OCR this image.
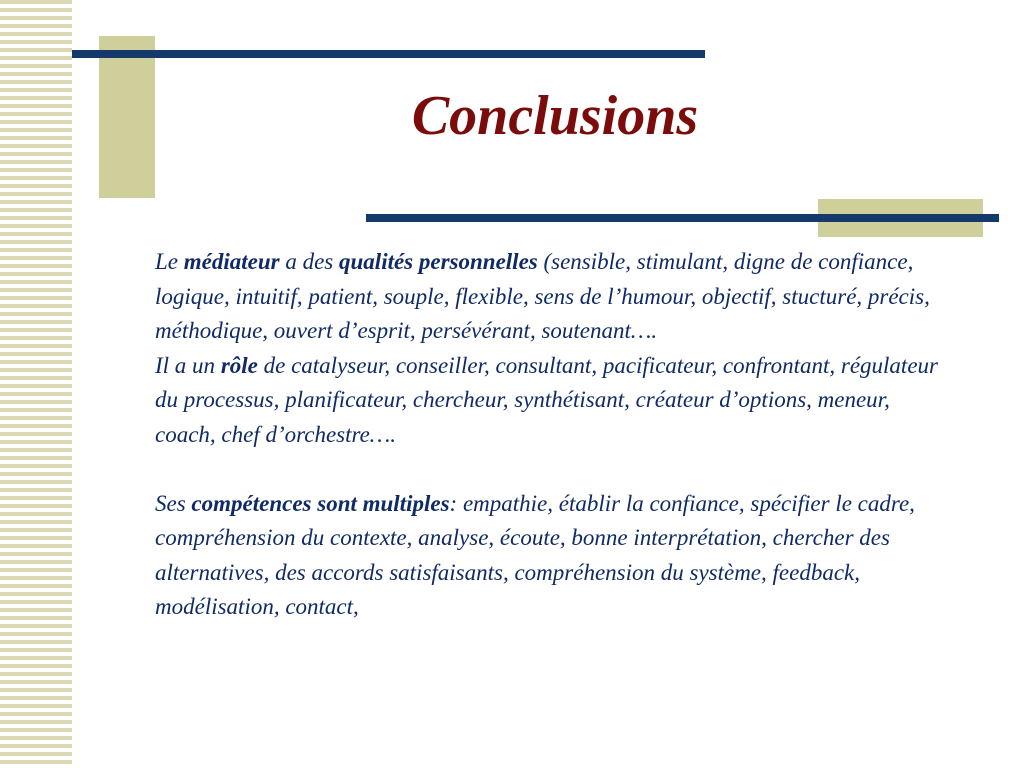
Conclusions

Le médiateur a des qualités personnelles (sensible, stimulant, digne de confiance, logique, intuitif, patient, souple, flexible, sens de l’humour, objectif, stucturé, précis, méthodique, ouvert d’esprit, persévérant, soutenant….

Il a un rôle de catalyseur, conseiller, consultant, pacificateur, confrontant, régulateur du processus, planificateur, chercheur, synthétisant, créateur d’options, meneur, coach, chef d’orchestre….

Ses compétences sont multiples: empathie, établir la confiance, spécifier le cadre, compréhension du contexte, analyse, écoute, bonne interprétation, chercher des alternatives, des accords satisfaisants, compréhension du système, feedback, modélisation, contact,
